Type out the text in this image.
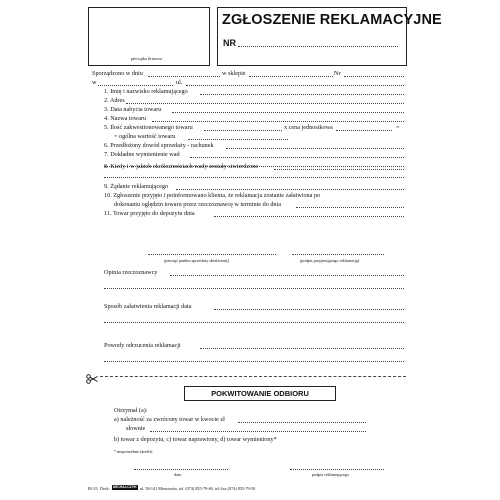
pieczątka firmowa
ZGŁOSZENIE REKLAMACYJNE
NR
Sporządzono w dniu	w sklepie	Nr
w	ul.
1. Imię i nazwisko reklamującego
2. Adres
3. Data nabycia towaru
4. Nazwa towaru
5. Ilość zakwestionowanego towaru	x cena jednostkowa	=
= ogólna wartość towaru
6. Przedłożony dowód sprzedaży - rachunek
7. Dokładne wymienienie wad
8. Kiedy i w jakich okolicznościach wady zostały stwierdzone
9. Żądanie reklamującego
10. Zgłoszenie przyjęto i poinformowano klienta, że reklamacja zostanie załatwiona po
dokonaniu oględzin towaru przez rzeczoznawcę w terminie do dnia
11. Towar przyjęto do depozytu dnia
(pieczęć punktu sprzedaży detalicznej)	(podpis przyjmującego reklamację)
Opinia rzeczoznawcy
Sposób załatwienia reklamacji data
Powody odrzucenia reklamacji
POKWITOWANIE ODBIORU
Otrzymał (a):
a) należność za zwrócony towar w kwocie zł
słownie
b) towar z depozytu, c) towar naprawiony, d) towar wymieniony*
* niepotrzebne skreślić
data	podpis reklamującego
Rl-33 Druk: MICHALCZYK ul. 58-141 Mieroszów, tel. (074) 855-79-60, tel./fax (074) 855-79-50
